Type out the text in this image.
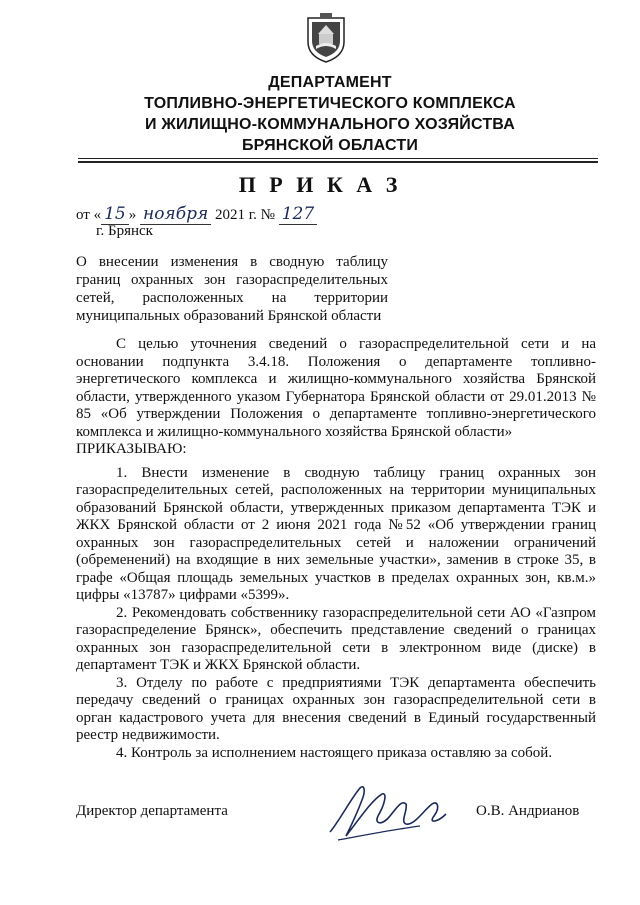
ДЕПАРТАМЕНТ
ТОПЛИВНО-ЭНЕРГЕТИЧЕСКОГО КОМПЛЕКСА
И ЖИЛИЩНО-КОММУНАЛЬНОГО ХОЗЯЙСТВА
БРЯНСКОЙ ОБЛАСТИ
П Р И К А З
от « 15 » ноября 2021 г. № 127
г. Брянск
О внесении изменения в сводную таблицу границ охранных зон газораспределительных сетей, расположенных на территории муниципальных образований Брянской области

С целью уточнения сведений о газораспределительной сети и на основании подпункта 3.4.18. Положения о департаменте топливно-энергетического комплекса и жилищно-коммунального хозяйства Брянской области, утвержденного указом Губернатора Брянской области от 29.01.2013 № 85 «Об утверждении Положения о департаменте топливно-энергетического комплекса и жилищно-коммунального хозяйства Брянской области»

ПРИКАЗЫВАЮ:

1. Внести изменение в сводную таблицу границ охранных зон газораспределительных сетей, расположенных на территории муниципальных образований Брянской области, утвержденных приказом департамента ТЭК и ЖКХ Брянской области от 2 июня 2021 года №52 «Об утверждении границ охранных зон газораспределительных сетей и наложении ограничений (обременений) на входящие в них земельные участки», заменив в строке 35, в графе «Общая площадь земельных участков в пределах охранных зон, кв.м.» цифры «13787» цифрами «5399».

2. Рекомендовать собственнику газораспределительной сети АО «Газпром газораспределение Брянск», обеспечить представление сведений о границах охранных зон газораспределительной сети в электронном виде (диске) в департамент ТЭК и ЖКХ Брянской области.

3. Отделу по работе с предприятиями ТЭК департамента обеспечить передачу сведений о границах охранных зон газораспределительной сети в орган кадастрового учета для внесения сведений в Единый государственный реестр недвижимости.

4. Контроль за исполнением настоящего приказа оставляю за собой.

Директор департамента	О.В. Андрианов
